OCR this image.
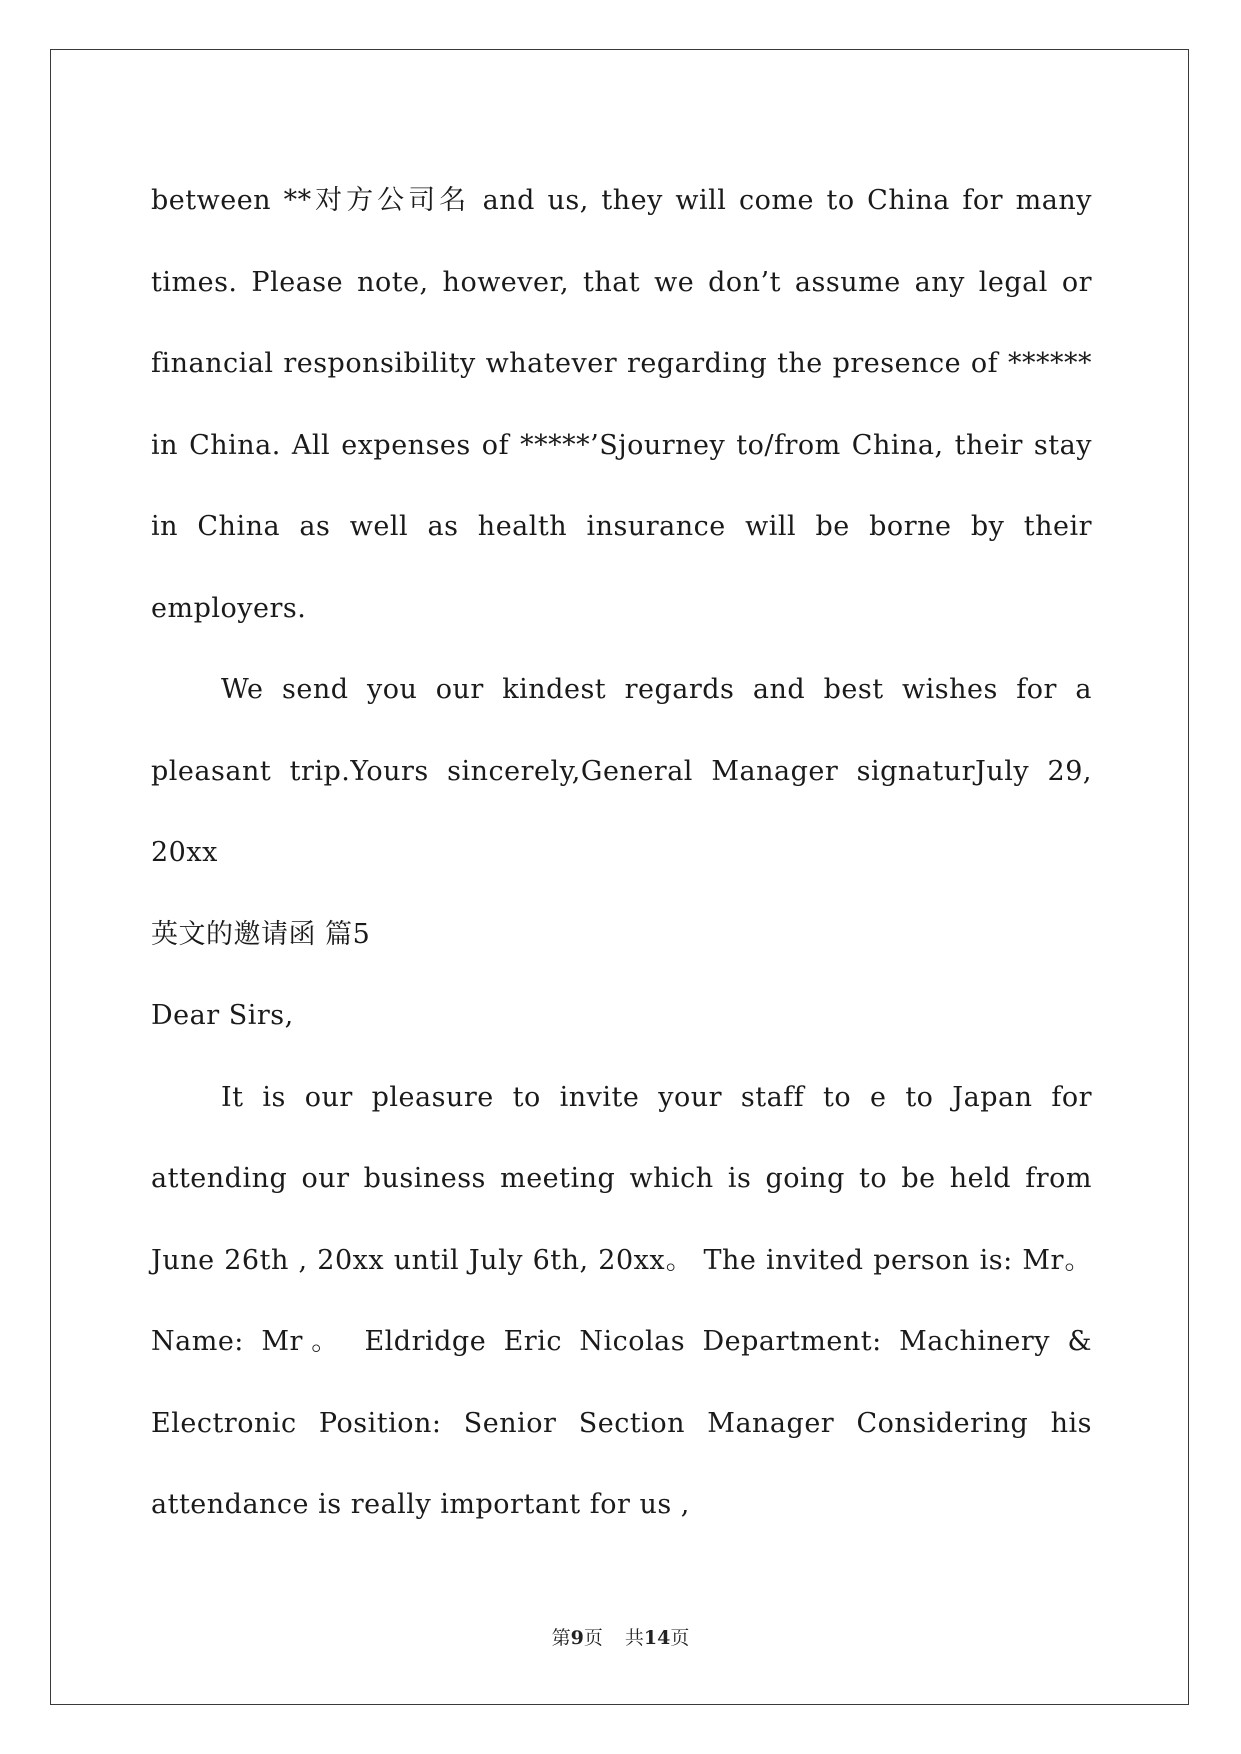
between **对方公司名 and us, they will come to China for many times. Please note, however, that we don’t assume any legal or financial responsibility whatever regarding the presence of ****** in China. All expenses of *****’Sjourney to/from China, their stay in China as well as health insurance will be borne by their employers.

We send you our kindest regards and best wishes for a pleasant trip.Yours sincerely,General Manager signaturJuly 29, 20xx

英文的邀请函 篇5

Dear Sirs,

It is our pleasure to invite your staff to e to Japan for attending our business meeting which is going to be held from June 26th , 20xx until July 6th, 20xx。 The invited person is: Mr。 Name: Mr。 Eldridge Eric Nicolas Department: Machinery & Electronic Position: Senior Section Manager Considering his attendance is really important for us ,

第9页 共14页
